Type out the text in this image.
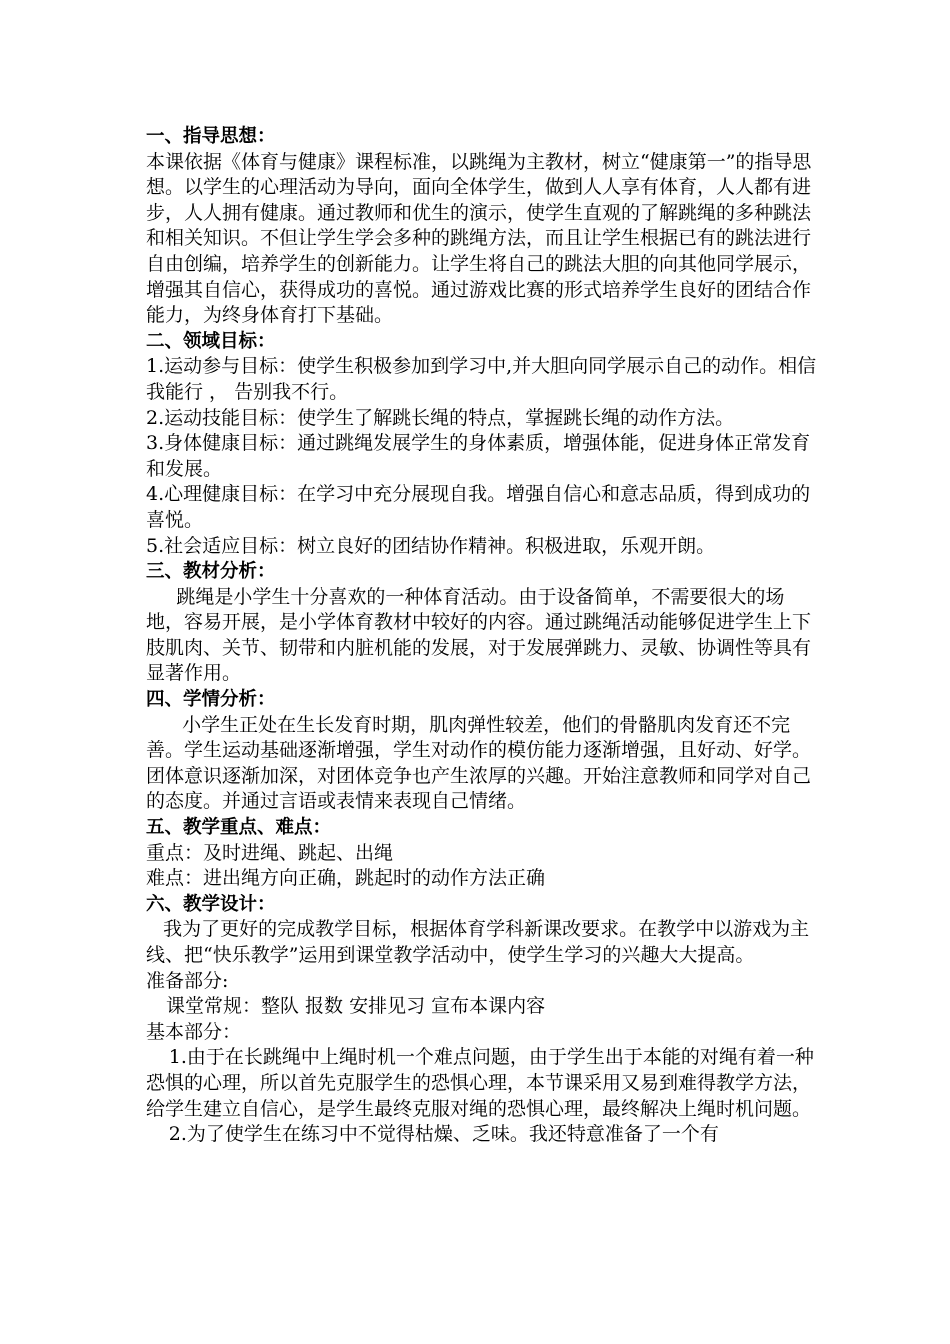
一、指导思想：

本课依据《体育与健康》课程标准，以跳绳为主教材，树立“健康第一”的指导思想。以学生的心理活动为导向，面向全体学生，做到人人享有体育，人人都有进步，人人拥有健康。通过教师和优生的演示，使学生直观的了解跳绳的多种跳法和相关知识。不但让学生学会多种的跳绳方法，而且让学生根据已有的跳法进行自由创编，培养学生的创新能力。让学生将自己的跳法大胆的向其他同学展示，增强其自信心，获得成功的喜悦。通过游戏比赛的形式培养学生良好的团结合作能力，为终身体育打下基础。

二、领域目标：

1.运动参与目标：使学生积极参加到学习中,并大胆向同学展示自己的动作。相信我能行 ， 告别我不行。

2.运动技能目标：使学生了解跳长绳的特点，掌握跳长绳的动作方法。

3.身体健康目标：通过跳绳发展学生的身体素质，增强体能，促进身体正常发育和发展。

4.心理健康目标：在学习中充分展现自我。增强自信心和意志品质，得到成功的喜悦。

5.社会适应目标：树立良好的团结协作精神。积极进取，乐观开朗。

三、教材分析：

跳绳是小学生十分喜欢的一种体育活动。由于设备简单，不需要很大的场地，容易开展，是小学体育教材中较好的内容。通过跳绳活动能够促进学生上下肢肌肉、关节、韧带和内脏机能的发展，对于发展弹跳力、灵敏、协调性等具有显著作用。

四、学情分析：

小学生正处在生长发育时期，肌肉弹性较差，他们的骨骼肌肉发育还不完善。学生运动基础逐渐增强，学生对动作的模仿能力逐渐增强，且好动、好学。团体意识逐渐加深，对团体竞争也产生浓厚的兴趣。开始注意教师和同学对自己的态度。并通过言语或表情来表现自己情绪。

五、教学重点、难点：

重点：及时进绳、跳起、出绳

难点：进出绳方向正确，跳起时的动作方法正确

六、教学设计：

我为了更好的完成教学目标，根据体育学科新课改要求。在教学中以游戏为主线、把“快乐教学”运用到课堂教学活动中，使学生学习的兴趣大大提高。

准备部分:

课堂常规：整队 报数 安排见习 宣布本课内容

基本部分：

1.由于在长跳绳中上绳时机一个难点问题，由于学生出于本能的对绳有着一种恐惧的心理，所以首先克服学生的恐惧心理，本节课采用又易到难得教学方法，给学生建立自信心，是学生最终克服对绳的恐惧心理，最终解决上绳时机问题。

2.为了使学生在练习中不觉得枯燥、乏味。我还特意准备了一个有
